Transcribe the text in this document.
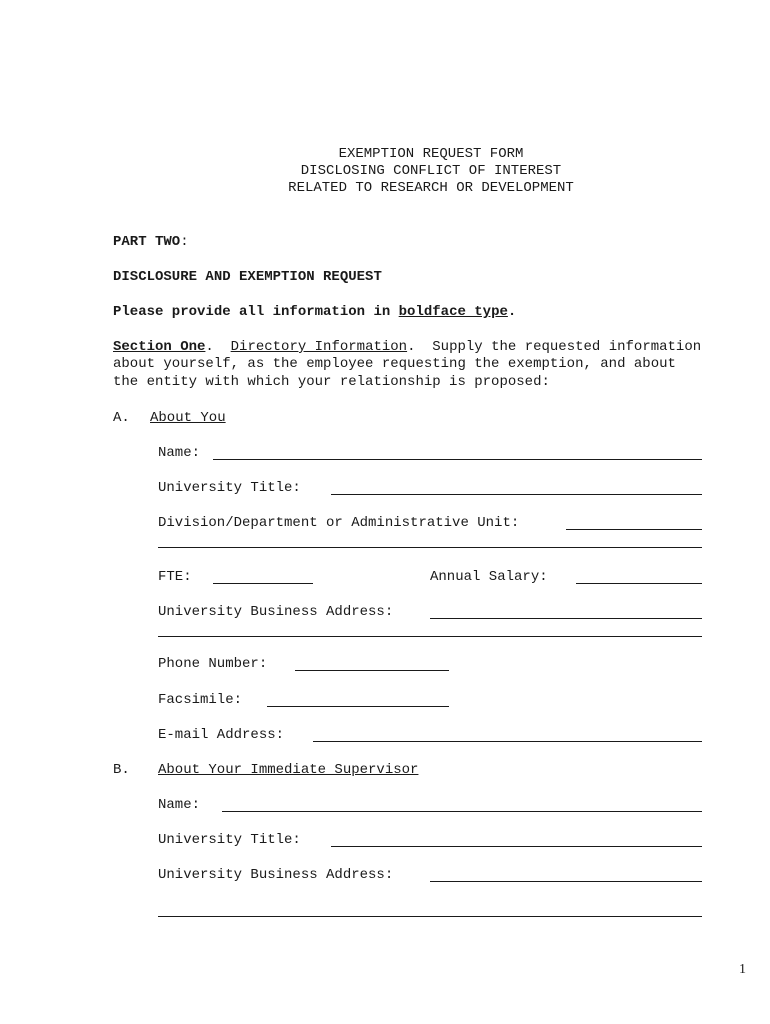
EXEMPTION REQUEST FORM
DISCLOSING CONFLICT OF INTEREST
RELATED TO RESEARCH OR DEVELOPMENT
PART TWO:
DISCLOSURE AND EXEMPTION REQUEST
Please provide all information in boldface type.
Section One.  Directory Information.  Supply the requested information
about yourself, as the employee requesting the exemption, and about
the entity with which your relationship is proposed:
A. About You
Name:
University Title:
Division/Department or Administrative Unit:
FTE:	Annual Salary:
University Business Address:
Phone Number:
Facsimile:
E-mail Address:
B. About Your Immediate Supervisor
Name:
University Title:
University Business Address:
1
